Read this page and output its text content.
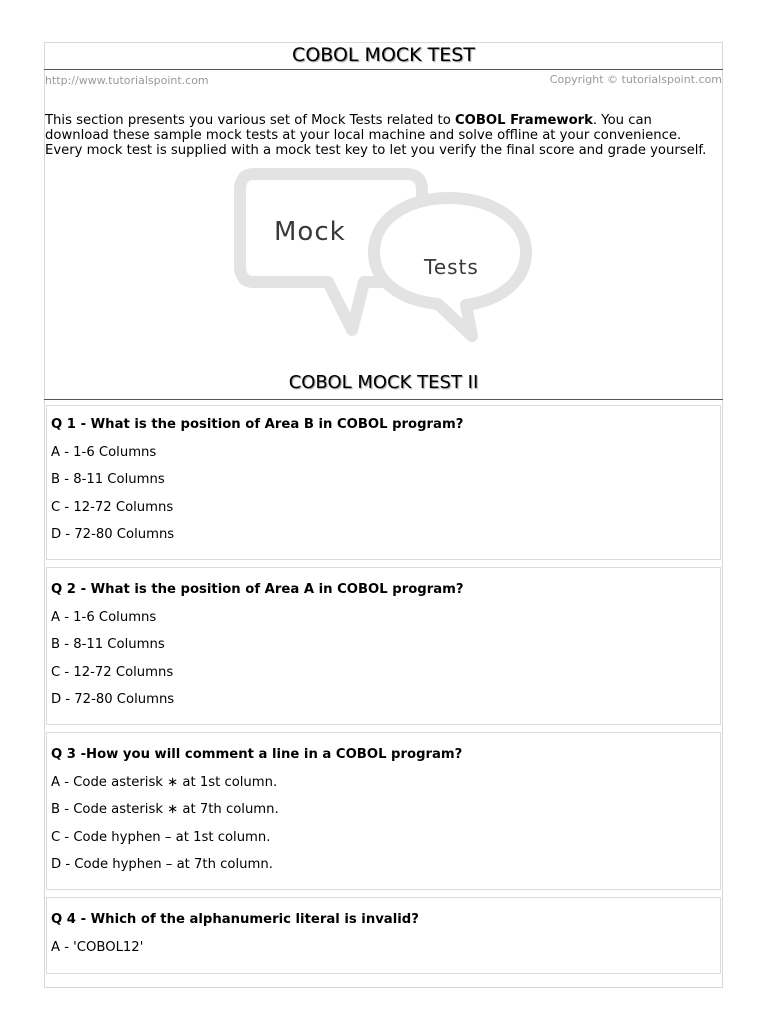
COBOL MOCK TEST
http://www.tutorialspoint.com	Copyright © tutorialspoint.com
This section presents you various set of Mock Tests related to COBOL Framework. You can
download these sample mock tests at your local machine and solve offline at your convenience.
Every mock test is supplied with a mock test key to let you verify the final score and grade yourself.
Mock
Tests
COBOL MOCK TEST II
Q 1 - What is the position of Area B in COBOL program?
A - 1-6 Columns
B - 8-11 Columns
C - 12-72 Columns
D - 72-80 Columns
Q 2 - What is the position of Area A in COBOL program?
A - 1-6 Columns
B - 8-11 Columns
C - 12-72 Columns
D - 72-80 Columns
Q 3 -How you will comment a line in a COBOL program?
A - Code asterisk ∗ at 1st column.
B - Code asterisk ∗ at 7th column.
C - Code hyphen – at 1st column.
D - Code hyphen – at 7th column.
Q 4 - Which of the alphanumeric literal is invalid?
A - 'COBOL12'
